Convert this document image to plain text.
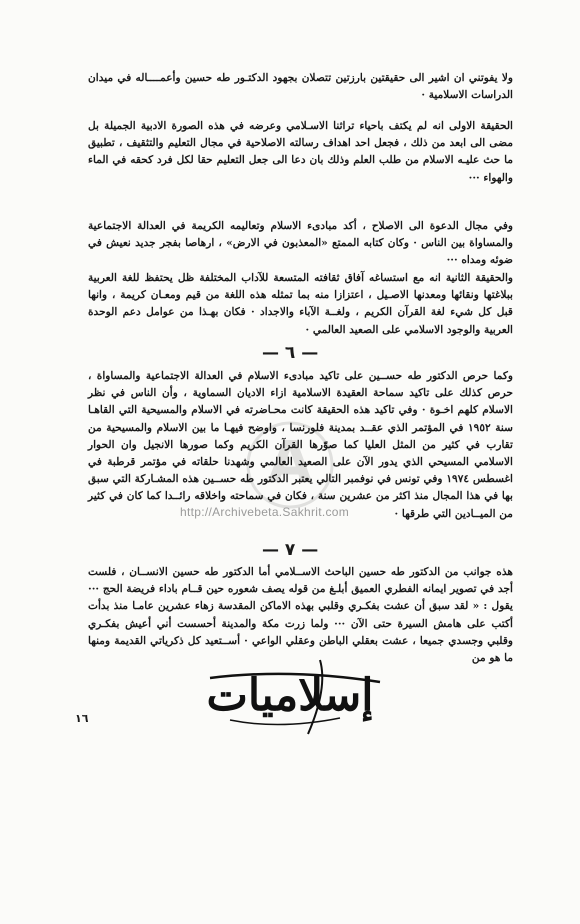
A

ولا يفوتني ان اشير الى حقيقتين بارزتين تتصلان بجهود الدكتـور طه حسين وأعمــــاله في ميدان الدراسات الاسلامية ·

الحقيقة الاولى انه لم يكتف باحياء تراثنا الاسـلامي وعرضه في هذه الصورة الادبية الجميلة بل مضى الى ابعد من ذلك ، فجعل احد اهداف رسالته الاصلاحية في مجال التعليم والتثقيف ، تطبيق ما حث عليـه الاسلام من طلب العلم وذلك بان دعا الى جعل التعليم حقا لكل فرد كحقه في الماء والهواء ···

وفي مجال الدعوة الى الاصلاح ، أكد مبادىء الاسلام وتعاليمه الكريمة في العدالة الاجتماعية والمساواة بين الناس · وكان كتابه الممتع «المعذبون في الارض» ، ارهاصا بفجر جديد نعيش في ضوئه ومداه ···

والحقيقة الثانية انه مع استساغه آفاق ثقافته المتسعة للآداب المختلفة ظل يحتفظ للغة العربية ببلاغتها ونقائها ومعدنها الاصـيل ، اعتزازا منه بما تمثله هذه اللغة من قيم ومعـان كريمة ، وانها قبل كل شيء لغة القرآن الكريم ، ولغــة الآباء والاجداد · فكان بهـذا من عوامل دعم الوحدة العربية والوجود الاسلامي على الصعيد العالمي ·

— ٦ —

وكما حرص الدكتور طه حســين على تاكيد مبادىء الاسلام في العدالة الاجتماعية والمساواة ، حرص كذلك على تاكيد سماحة العقيدة الاسلامية ازاء الاديان السماوية ، وأن الناس في نظر الاسلام كلهم اخـوة · وفي تاكيد هذه الحقيقة كانت محـاضرته في الاسلام والمسيحية التي القاهـا سنة ١٩٥٢ في المؤتمر الذي عقــد بمدينة فلورنسا ، واوضح فيهـا ما بين الاسلام والمسيحية من تقارب في كثير من المثل العليا كما صوّرها القرآن الكريم وكما صورها الانجيل وان الحوار الاسلامي المسيحي الذي يدور الآن على الصعيد العالمي وشهدنا حلقاته في مؤتمر قرطبة في اغسطس ١٩٧٤ وفي تونس في نوفمبر التالي يعتبر الدكتور طه حســين هذه المشـاركة التي سبق بها في هذا المجال منذ اكثر من عشرين سنة ، فكان في سماحته واخلاقه رائــدا كما كان في كثير من الميــادين التي طرقها ·

http://Archivebeta.Sakhrit.com
— ٧ —

هذه جوانب من الدكتور طه حسين الباحث الاســلامي أما الدكتور طه حسين الانســان ، فلست أجد في تصوير ايمانه الفطري العميق أبلـغ من قوله يصف شعوره حين قــام باداء فريضة الحج ··· يقول : « لقد سبق أن عشت بفكـري وقلبي بهذه الاماكن المقدسة زهاء عشرين عامـا منذ بدأت أكتب على هامش السيرة حتى الآن ··· ولما زرت مكة والمدينة أحسست أني أعيش بفكـري وقلبي وجسدي جميعا ، عشت بعقلي الباطن وعقلي الواعي · أســتعيد كل ذكرياتي القديمة ومنها ما هو من

إسلاميات
١٦
